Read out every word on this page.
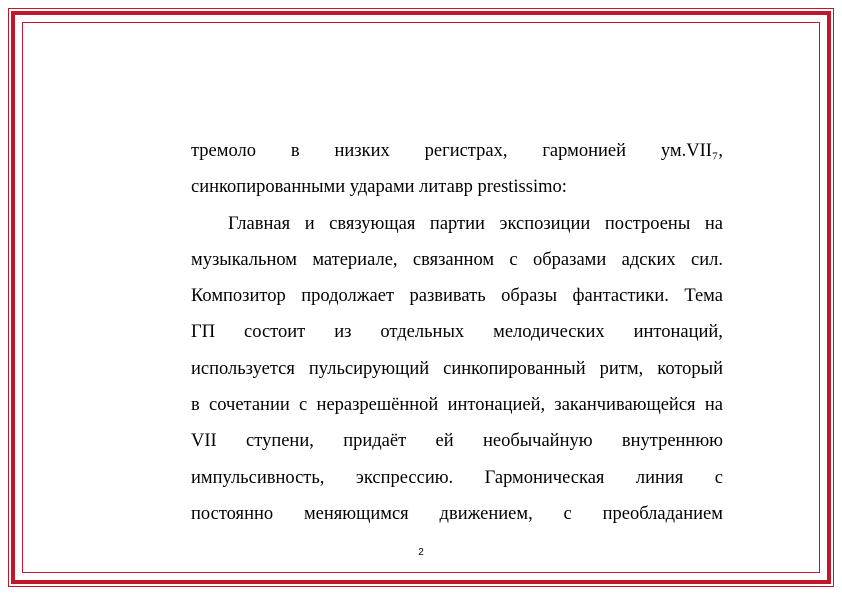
тремоло в низких регистрах, гармонией ум.VII₇,
синкопированными ударами литавр prestissimo:
Главная и связующая партии экспозиции построены на
музыкальном материале, связанном с образами адских сил.
Композитор продолжает развивать образы фантастики. Тема
ГП состоит из отдельных мелодических интонаций,
используется пульсирующий синкопированный ритм, который
в сочетании с неразрешённой интонацией, заканчивающейся на
VII ступени, придаёт ей необычайную внутреннюю
импульсивность, экспрессию. Гармоническая линия с
постоянно меняющимся движением, с преобладанием
2
